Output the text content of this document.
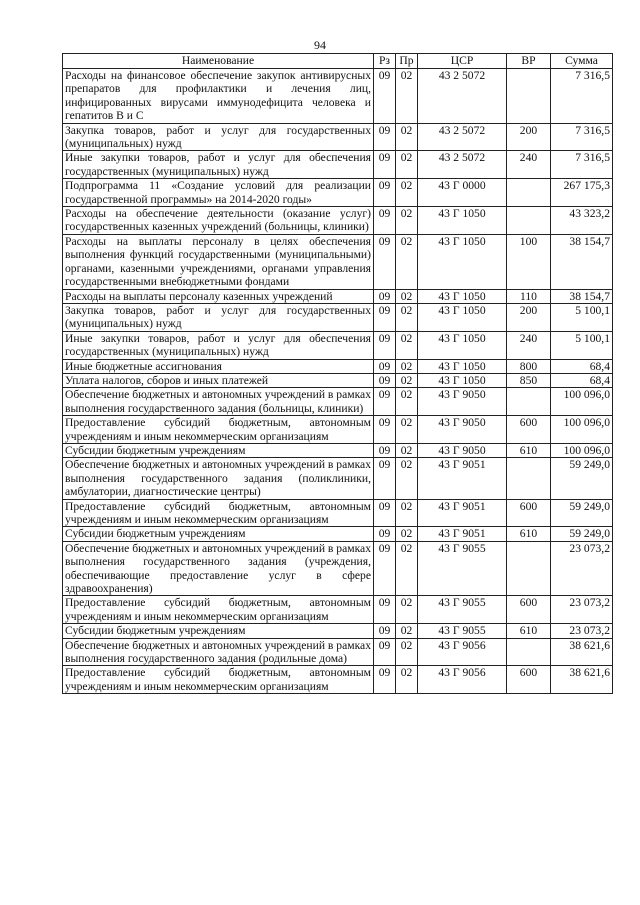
94
Наименование	Рз	Пр	ЦСР	ВР	Сумма
Расходы на финансовое обеспечение закупок антивирусных препаратов для профилактики и лечения лиц, инфицированных вирусами иммунодефицита человека и гепатитов В и С	09	02	43 2 5072		7 316,5
Закупка товаров, работ и услуг для государственных (муниципальных) нужд	09	02	43 2 5072	200	7 316,5
Иные закупки товаров, работ и услуг для обеспечения государственных (муниципальных) нужд	09	02	43 2 5072	240	7 316,5
Подпрограмма 11 «Создание условий для реализации государственной программы» на 2014-2020 годы»	09	02	43 Г 0000		267 175,3
Расходы на обеспечение деятельности (оказание услуг) государственных казенных учреждений (больницы, клиники)	09	02	43 Г 1050		43 323,2
Расходы на выплаты персоналу в целях обеспечения выполнения функций государственными (муниципальными) органами, казенными учреждениями, органами управления государственными внебюджетными фондами	09	02	43 Г 1050	100	38 154,7
Расходы на выплаты персоналу казенных учреждений	09	02	43 Г 1050	110	38 154,7
Закупка товаров, работ и услуг для государственных (муниципальных) нужд	09	02	43 Г 1050	200	5 100,1
Иные закупки товаров, работ и услуг для обеспечения государственных (муниципальных) нужд	09	02	43 Г 1050	240	5 100,1
Иные бюджетные ассигнования	09	02	43 Г 1050	800	68,4
Уплата налогов, сборов и иных платежей	09	02	43 Г 1050	850	68,4
Обеспечение бюджетных и автономных учреждений в рамках выполнения государственного задания (больницы, клиники)	09	02	43 Г 9050		100 096,0
Предоставление субсидий бюджетным, автономным учреждениям и иным некоммерческим организациям	09	02	43 Г 9050	600	100 096,0
Субсидии бюджетным учреждениям	09	02	43 Г 9050	610	100 096,0
Обеспечение бюджетных и автономных учреждений в рамках выполнения государственного задания (поликлиники, амбулатории, диагностические центры)	09	02	43 Г 9051		59 249,0
Предоставление субсидий бюджетным, автономным учреждениям и иным некоммерческим организациям	09	02	43 Г 9051	600	59 249,0
Субсидии бюджетным учреждениям	09	02	43 Г 9051	610	59 249,0
Обеспечение бюджетных и автономных учреждений в рамках выполнения государственного задания (учреждения, обеспечивающие предоставление услуг в сфере здравоохранения)	09	02	43 Г 9055		23 073,2
Предоставление субсидий бюджетным, автономным учреждениям и иным некоммерческим организациям	09	02	43 Г 9055	600	23 073,2
Субсидии бюджетным учреждениям	09	02	43 Г 9055	610	23 073,2
Обеспечение бюджетных и автономных учреждений в рамках выполнения государственного задания (родильные дома)	09	02	43 Г 9056		38 621,6
Предоставление субсидий бюджетным, автономным учреждениям и иным некоммерческим организациям	09	02	43 Г 9056	600	38 621,6
